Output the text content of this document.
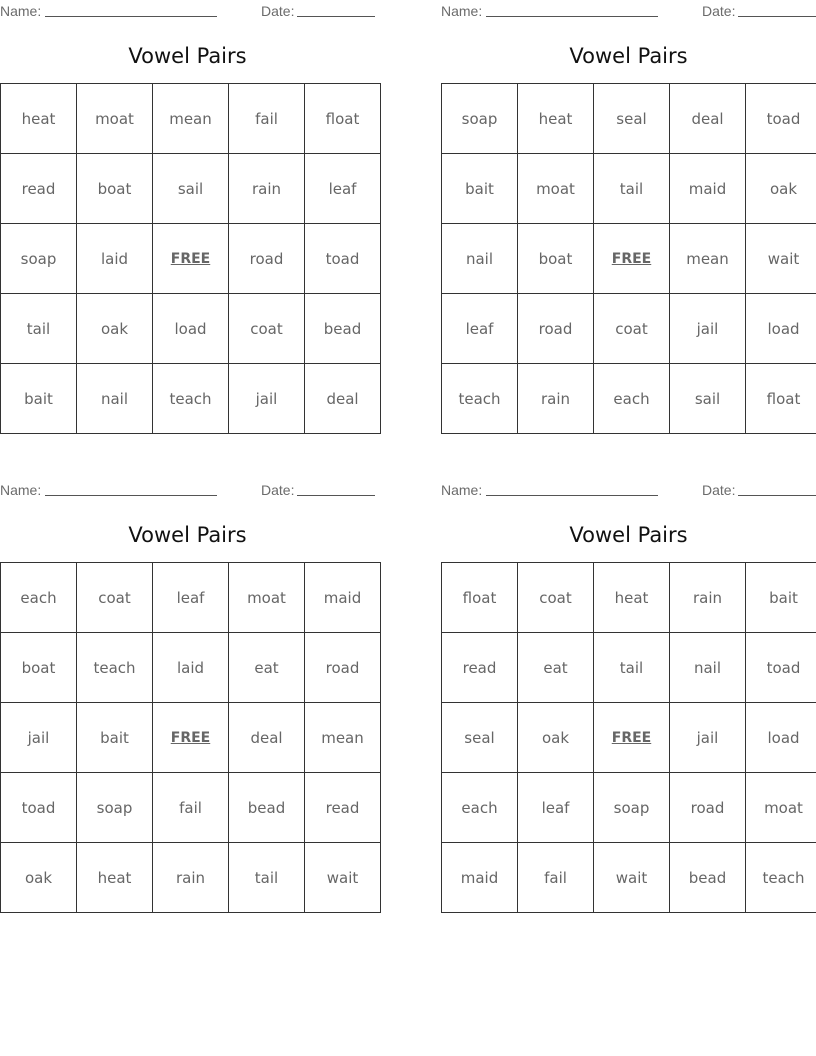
Name:	Date:
Vowel Pairs
heat	moat	mean	fail	float
read	boat	sail	rain	leaf
soap	laid	FREE	road	toad
tail	oak	load	coat	bead
bait	nail	teach	jail	deal
Name:	Date:
Vowel Pairs
soap	heat	seal	deal	toad
bait	moat	tail	maid	oak
nail	boat	FREE	mean	wait
leaf	road	coat	jail	load
teach	rain	each	sail	float
Name:	Date:
Vowel Pairs
each	coat	leaf	moat	maid
boat	teach	laid	eat	road
jail	bait	FREE	deal	mean
toad	soap	fail	bead	read
oak	heat	rain	tail	wait
Name:	Date:
Vowel Pairs
float	coat	heat	rain	bait
read	eat	tail	nail	toad
seal	oak	FREE	jail	load
each	leaf	soap	road	moat
maid	fail	wait	bead	teach
